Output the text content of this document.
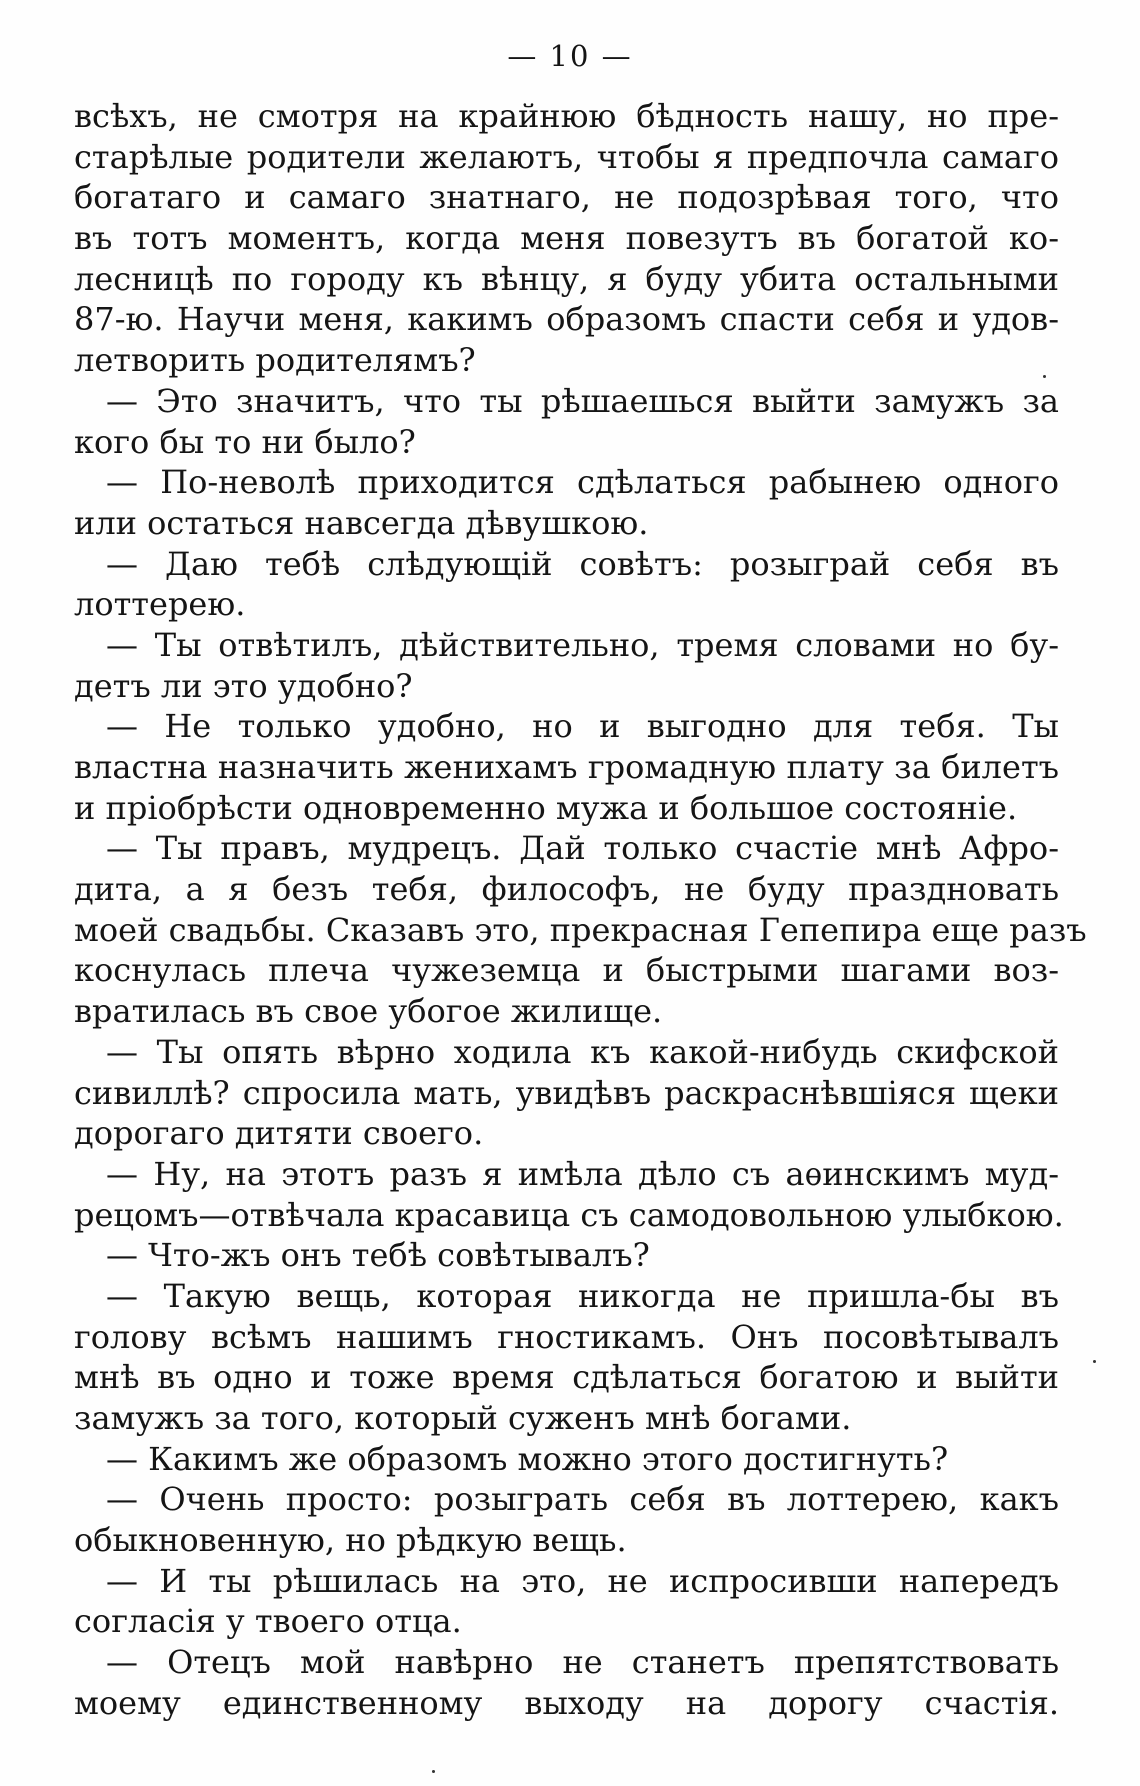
— 10 —
всѣхъ, не смотря на крайнюю бѣдность нашу, но пре-
старѣлые родители желаютъ, чтобы я предпочла самаго
богатаго и самаго знатнаго, не подозрѣвая того, что
въ тотъ моментъ, когда меня повезутъ въ богатой ко-
лесницѣ по городу къ вѣнцу, я буду убита остальными
87-ю. Научи меня, какимъ образомъ спасти себя и удов-
летворить родителямъ?
— Это значитъ, что ты рѣшаешься выйти замужъ за
кого бы то ни было?
— По-неволѣ приходится сдѣлаться рабынею одного
или остаться навсегда дѣвушкою.
— Даю тебѣ слѣдующій совѣтъ: розыграй себя въ
лоттерею.
— Ты отвѣтилъ, дѣйствительно, тремя словами но бу-
детъ ли это удобно?
— Не только удобно, но и выгодно для тебя. Ты
властна назначить женихамъ громадную плату за билетъ
и пріобрѣсти одновременно мужа и большое состояніе.
— Ты правъ, мудрецъ. Дай только счастіе мнѣ Афро-
дита, а я безъ тебя, философъ, не буду праздновать
моей свадьбы. Сказавъ это, прекрасная Гепепира еще разъ
коснулась плеча чужеземца и быстрыми шагами воз-
вратилась въ свое убогое жилище.
— Ты опять вѣрно ходила къ какой-нибудь скифской
сивиллѣ? спросила мать, увидѣвъ раскраснѣвшіяся щеки
дорогаго дитяти своего.
— Ну, на этотъ разъ я имѣла дѣло съ аѳинскимъ муд-
рецомъ—отвѣчала красавица съ самодовольною улыбкою.
— Что-жъ онъ тебѣ совѣтывалъ?
— Такую вещь, которая никогда не пришла-бы въ
голову всѣмъ нашимъ гностикамъ. Онъ посовѣтывалъ
мнѣ въ одно и тоже время сдѣлаться богатою и выйти
замужъ за того, который суженъ мнѣ богами.
— Какимъ же образомъ можно этого достигнуть?
— Очень просто: розыграть себя въ лоттерею, какъ
обыкновенную, но рѣдкую вещь.
— И ты рѣшилась на это, не испросивши напередъ
согласія у твоего отца.
— Отецъ мой навѣрно не станетъ препятствовать
моему единственному выходу на дорогу счастія.
